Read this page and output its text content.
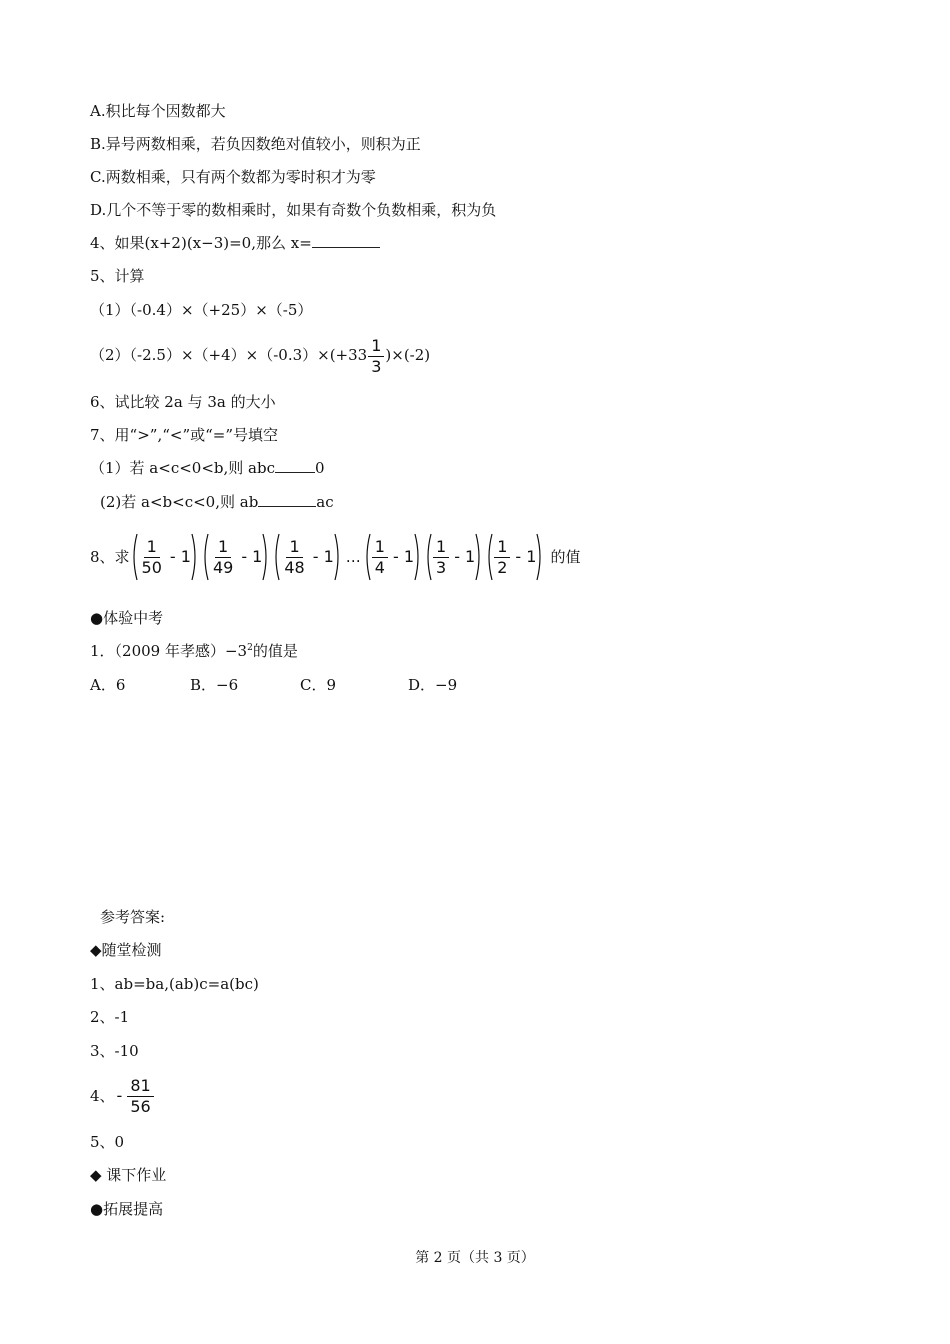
A.积比每个因数都大
B.异号两数相乘，若负因数绝对值较小，则积为正
C.两数相乘，只有两个数都为零时积才为零
D.几个不等于零的数相乘时，如果有奇数个负数相乘，积为负
4、如果(x+2)(x−3)=0,那么 x=
5、计算
（1）（-0.4）×（+25）×（-5）
$(2)(-2.5)\times(+4)\times(-0.3)\times(+33 \frac{1}{3} )\times(-2)$
6、试比较 2a 与 3a 的大小
7、用“>”,“<”或“=”号填空
（1）若 a<c<0<b,则 abc	0
(2)若 a<b<c<0,则 ab	ac
8、求 $\frac{1}{50} - 1 \frac{1}{49} - 1 \frac{1}{48} - 1$ … $\frac{1}{4} - 1 \frac{1}{3} - 1 \frac{1}{2} - 1$ 的值
●体验中考
1．（2009 年孝感）$-3^2$的值是
A．6	B．−6	C．9	D．−9
参考答案:
◆随堂检测
1、ab=ba,(ab)c=a(bc)
2、-1
3、-10
4、 - $\frac{81}{56}$
5、0
◆ 课下作业
●拓展提高
第 2 页（共 3 页）
